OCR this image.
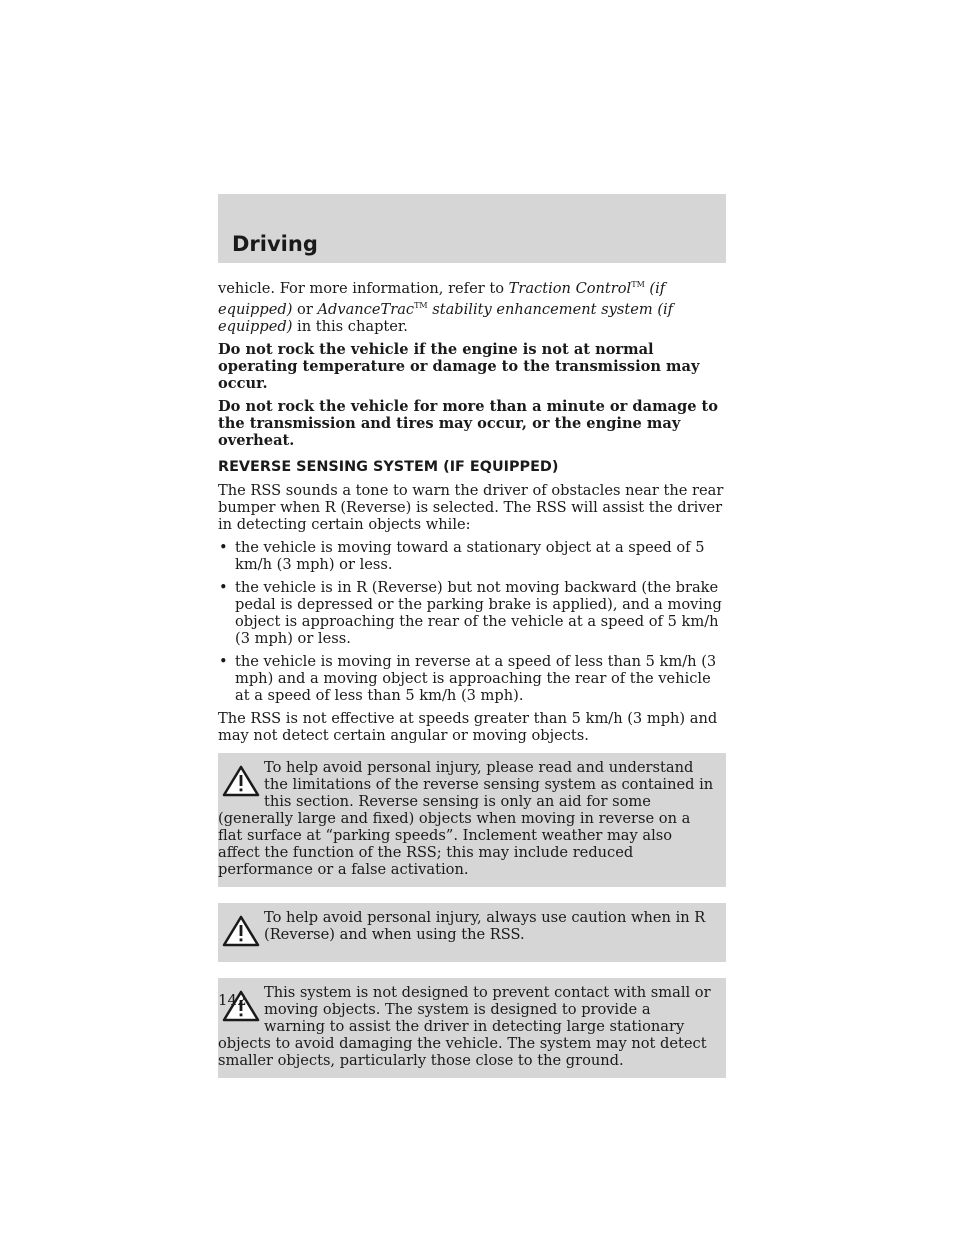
Driving

vehicle. For more information, refer to Traction Control™ (if equipped) or AdvanceTrac™ stability enhancement system (if equipped) in this chapter.

Do not rock the vehicle if the engine is not at normal operating temperature or damage to the transmission may occur.

Do not rock the vehicle for more than a minute or damage to the transmission and tires may occur, or the engine may overheat.

REVERSE SENSING SYSTEM (IF EQUIPPED)

The RSS sounds a tone to warn the driver of obstacles near the rear bumper when R (Reverse) is selected. The RSS will assist the driver in detecting certain objects while:

• the vehicle is moving toward a stationary object at a speed of 5 km/h (3 mph) or less.
• the vehicle is in R (Reverse) but not moving backward (the brake pedal is depressed or the parking brake is applied), and a moving object is approaching the rear of the vehicle at a speed of 5 km/h (3 mph) or less.
• the vehicle is moving in reverse at a speed of less than 5 km/h (3 mph) and a moving object is approaching the rear of the vehicle at a speed of less than 5 km/h (3 mph).

The RSS is not effective at speeds greater than 5 km/h (3 mph) and may not detect certain angular or moving objects.

To help avoid personal injury, please read and understand the limitations of the reverse sensing system as contained in this section. Reverse sensing is only an aid for some (generally large and fixed) objects when moving in reverse on a flat surface at “parking speeds”. Inclement weather may also affect the function of the RSS; this may include reduced performance or a false activation.
To help avoid personal injury, always use caution when in R (Reverse) and when using the RSS.
This system is not designed to prevent contact with small or moving objects. The system is designed to provide a warning to assist the driver in detecting large stationary objects to avoid damaging the vehicle. The system may not detect smaller objects, particularly those close to the ground.
142
